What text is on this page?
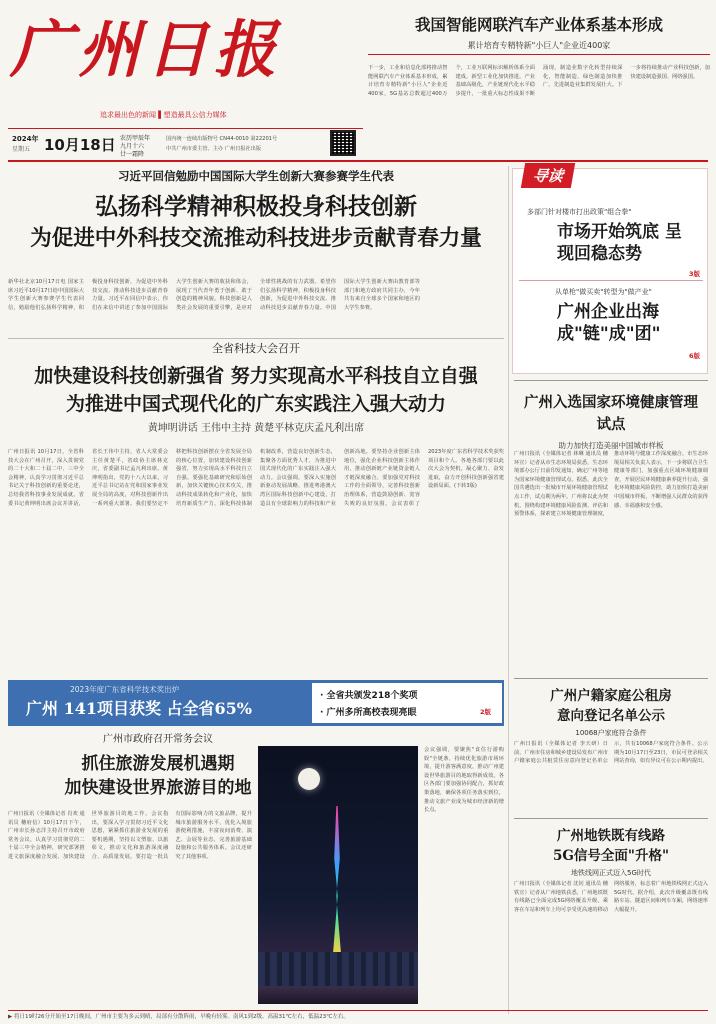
广州日报
追求最出色的新闻 ▌塑造最具公信力媒体
2024年
星期五 10月18日 农历甲辰年
九月十六
廿一霜降
国内统一连续出版物号 CN44-0010 第22201号
中共广州市委主管、主办 广州日报社出版
我国智能网联汽车产业体系基本形成
累计培育专精特新"小巨人"企业近400家
下一步，工业和信息化部将推动智能网联汽车产业体系基本形成，累计培育专精特新"小巨人"企业近400家，5G基站总数超过400万个，工业互联网标识解析体系全面建成，新型工业化加快推进。产业基础高级化，产业链现代化水平稳步提升，一批重大标志性成果不断涌现。制造业数字化转型持续深化，智能制造、绿色制造加快推广，先进制造业集群发展壮大。下一步将持续推动产业科技创新，加快建设制造强国、网络强国。
习近平回信勉励中国国际大学生创新大赛参赛学生代表
弘扬科学精神积极投身科技创新
为促进中外科技交流推动科技进步贡献青春力量
新华社北京10月17日电 国家主席习近平10月17日给中国国际大学生创新大赛参赛学生代表回信，勉励他们弘扬科学精神，积极投身科技创新，为促进中外科技交流、推动科技进步贡献青春力量。习近平在回信中表示，你们在来信中讲述了参加中国国际大学生创新大赛的收获和体会，展现了当代青年勇于创新、敢于创造的精神风貌。科技创新是人类社会发展的重要引擎，是应对全球性挑战的有力武器。希望你们弘扬科学精神，积极投身科技创新，为促进中外科技交流、推动科技进步贡献青春力量。中国国际大学生创新大赛由教育部等部门和地方政府共同主办，今年共有来自全球多个国家和地区的大学生参赛。
导读
多部门针对楼市打出政策"组合拳"
市场开始筑底 呈现回稳态势
3版
从单枪"做买卖"转型为"做产业"
广州企业出海 成"链"成"团"
6版
全省科技大会召开
加快建设科技创新强省 努力实现高水平科技自立自强
为推进中国式现代化的广东实践注入强大动力
黄坤明讲话 王伟中主持 黄楚平林克庆孟凡利出席
广州日报讯 10月17日，全省科技大会在广州召开，深入贯彻党的二十大和二十届二中、三中全会精神，认真学习贯彻习近平总书记关于科技创新的重要论述，总结我省科技事业发展成就。省委书记黄坤明出席会议并讲话，省长王伟中主持，省人大常委会主任黄楚平，省政协主席林克庆，省委副书记孟凡利出席。黄坤明指出，党的十八大以来，习近平总书记站在党和国家事业发展全局的高度，对科技创新作出一系列重大部署。我们要坚定不移把科技创新摆在全省发展全局的核心位置，加快建设科技创新强省，努力实现高水平科技自立自强。要强化基础研究和原始创新，加快关键核心技术攻关，推动科技成果转化和产业化，加快培育新质生产力，深化科技体制机制改革，营造良好创新生态，集聚各方面优秀人才，为推进中国式现代化的广东实践注入强大动力。会议强调，要深入实施创新驱动发展战略，推进粤港澳大湾区国际科技创新中心建设，打造具有全球影响力的科技和产业创新高地。要坚持企业创新主体地位，强化企业科技创新主体作用，推动创新链产业链资金链人才链深度融合。要加强党对科技工作的全面领导，完善科技创新治理体系，营造鼓励创新、宽容失败的良好氛围。会议表彰了2023年度广东省科学技术奖获奖项目和个人。各地各部门要以此次大会为契机，凝心聚力、奋发进取，奋力开创科技创新强省建设新局面。(下转3版)
2023年度广东省科学技术奖出炉
广州 141项目获奖 占全省65%
· 全省共颁发218个奖项
· 广州多所高校表现亮眼	2版
广州市政府召开常务会议
抓住旅游发展机遇期
加快建设世界旅游目的地
广州日报讯（全媒体记者 肖欢 通讯员 穗府信）10月17日下午，广州市长孙志洋主持召开市政府常务会议，认真学习贯彻党的二十届三中全会精神，研究部署推进文旅深度融合发展、加快建设世界旅游目的地工作。会议指出，要深入学习贯彻习近平文化思想，紧紧抓住旅游业发展的重要机遇期，坚持以文塑旅、以旅彰文，推动文化和旅游深度融合、高质量发展。要打造一批具有国际影响力的文旅品牌，提升城市旅游服务水平，优化入境旅游便利措施，丰富夜间消费、演艺、会展等业态，完善旅游基础设施和公共服务体系。会议还研究了其他事项。
会议强调，要聚焦"食住行游购娱"全链条，持续优化旅游市场环境，提升游客满意度，推动广州建设世界旅游目的地取得新成效。各区各部门要加强协同配合，抓好政策落地，确保各项任务落实到位，推动文旅产业成为城市经济新的增长点。
广州入选国家环境健康管理试点
助力加快打造美丽中国城市样板
广州日报讯（全媒体记者 林琳 通讯员 穗环宣）记者从市生态环境局获悉，生态环境部办公厅日前印发通知，确定广州等地为国家环境健康管理试点。据悉，此次全国共遴选出一批城市开展环境健康管理试点工作，试点期为两年。广州将以此为契机，围绕构建环境健康风险监测、评估和预警体系，探索建立环境健康管理制度，推动环境与健康工作深度融合。市生态环境局相关负责人表示，下一步将联合卫生健康等部门，加强重点区域环境健康调查，开展居民环境健康素养提升行动，强化环境健康风险防控，助力加快打造美丽中国城市样板，不断增强人民群众的获得感、幸福感和安全感。
广州户籍家庭公租房
意向登记名单公示
10068户家庭符合条件
广州日报讯（全媒体记者 李天研）日前，广州市住房和城乡建设局发布广州市户籍家庭公共租赁住房意向登记名单公示，共有10068户家庭符合条件。公示期为10月17日至23日，市民可登录相关网站查询，如有异议可在公示期内提出。
广州地铁既有线路
5G信号全面"升格"
地铁线网正式迈入5G时代
广州日报讯（全媒体记者 沈钊 通讯员 穗铁宣）记者从广州地铁获悉，广州地铁既有线路已全面完成5G网络覆盖升级，乘客在车站和列车上均可享受更高速的移动网络服务，标志着广州地铁线网正式迈入5G时代。据介绍，此次升级覆盖既有线路车站、隧道区间和列车车厢，网络速率大幅提升。
▶ 将日19时26分开始至17日晚间，广州市主要为多云到晴，局部有分散阵雨，早晚有轻雾。南风1到2级。高温31℃左右，低温23℃左右。
